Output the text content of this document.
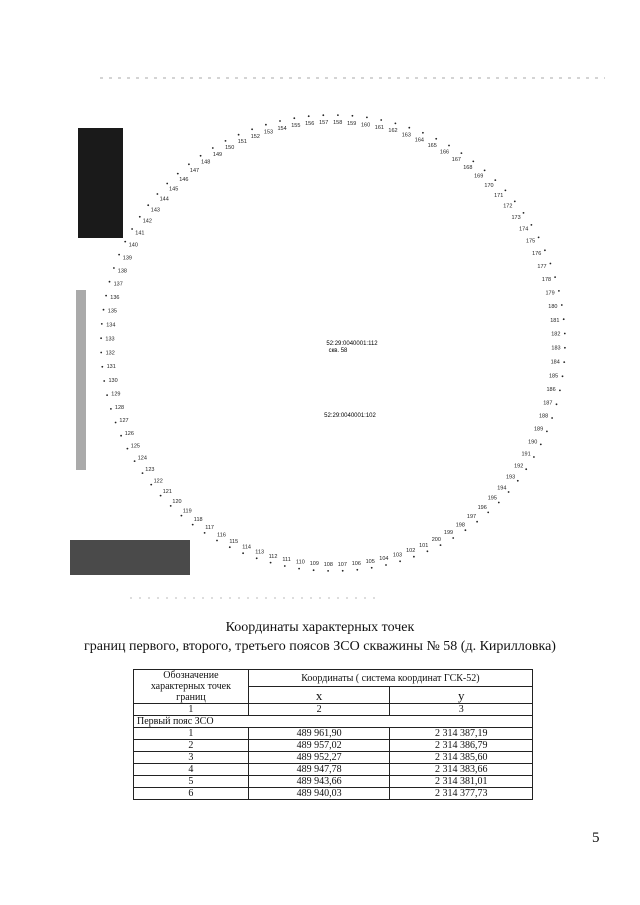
52:29:0040001:112
скв. 58
52:29:0040001:102
101
102
103
104
105
106
107
108
109
110
111
112
113
114
115
116
117
118
119
120
121
122
123
124
125
126
127
128
129
130
131
132
133
134
135
136
137
138
139
140
141
142
143
144
145
146
147
148
149
150
151
152
153
154 155 156 157 158 159 160 161
162
163
164
165
166
167
168
169
170
171
172
173
174
175
176
177
178
179
180
181
182
183
184
185
186
187
188
189
190
191
192
193
194
195
196
197
198
199
200
Координаты характерных точек
границ первого, второго, третьего поясов ЗСО скважины № 58 (д. Кирилловка)
Обозначение характерных точек границ	Координаты ( система координат ГСК-52)	
	x	y
1	2	3
Первый пояс ЗСО		
1	489 961,90	2 314 387,19
2	489 957,02	2 314 386,79
3	489 952,27	2 314 385,60
4	489 947,78	2 314 383,66
5	489 943,66	2 314 381,01
6	489 940,03	2 314 377,73
5
